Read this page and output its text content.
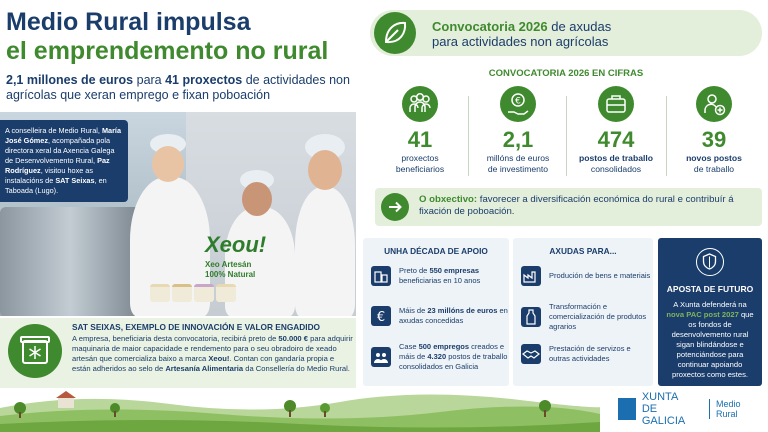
Medio Rural impulsa
el emprendemento no rural
2,1 millones de euros para 41 proxectos de actividades non agrícolas que xeran emprego e fixan poboación
Xeou!
Xeo Artesán
100% Natural
A conselleira de Medio Rural, María José Gómez, acompañada pola directora xeral da Axencia Galega de Desenvolvemento Rural, Paz Rodríguez, visitou hoxe as instalacións de SAT Seixas, en Taboada (Lugo).
SAT SEIXAS, EXEMPLO DE INNOVACIÓN E VALOR ENGADIDO
A empresa, beneficiaria desta convocatoria, recibirá preto de 50.000 € para adquirir maquinaria de maior capacidade e rendemento para o seu obradoiro de xeado artesán que comercializa baixo a marca Xeou!. Contan con gandaría propia e están adheridos ao selo de Artesanía Alimentaria da Consellería do Medio Rural.
Convocatoria 2026 de axudas
para actividades non agrícolas
CONVOCATORIA 2026 EN CIFRAS
41
proxectos
beneficiarios
€
2,1
millóns de euros
de investimento
474
postos de traballo
consolidados
39
novos postos
de traballo
O obxectivo: favorecer a diversificación económica do rural e contribuír á fixación de poboación.
UNHA DÉCADA DE APOIO
Preto de 550 empresas beneficiarias en 10 anos
€ Máis de 23 millóns de euros en axudas concedidas
Case 500 empregos creados e máis de 4.320 postos de traballo consolidados en Galicia
AXUDAS PARA...
Produción de bens e materiais
Transformación e comercialización de produtos agrarios
Prestación de servizos e outras actividades
APOSTA DE FUTURO
A Xunta defenderá na nova PAC post 2027 que os fondos de desenvolvemento rural sigan blindándose e potenciándose para continuar apoiando proxectos como estes.
XUNTA
DE GALICIA
Medio Rural
